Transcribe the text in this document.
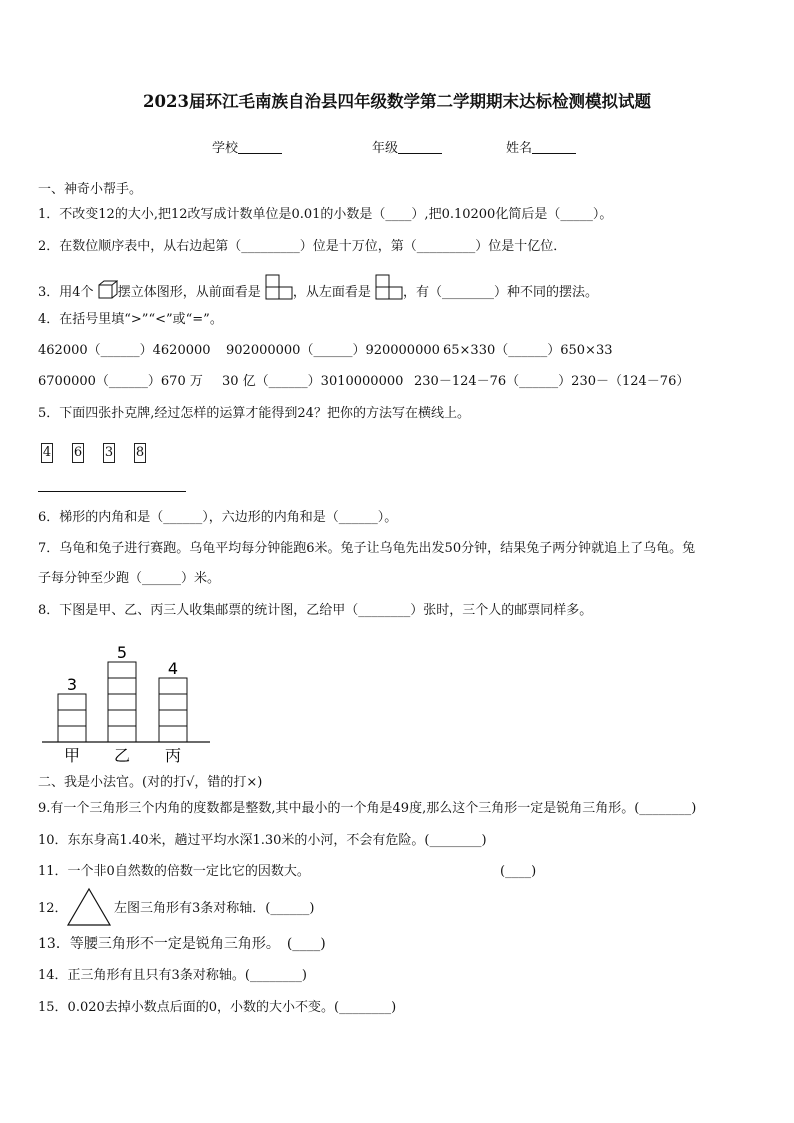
2023届环江毛南族自治县四年级数学第二学期期末达标检测模拟试题
学校	年级	姓名
一、神奇小帮手。
1．不改变12的大小,把12改写成计数单位是0.01的小数是（____）,把0.10200化简后是（_____）。
2．在数位顺序表中，从右边起第（_________）位是十万位，第（_________）位是十亿位．
3．用4个 摆立体图形，从前面看是 ，从左面看是 ，有（________）种不同的摆法。
4．在括号里填“>”“<”或“=”。
462000（______）4620000 902000000（______）920000000 65×330（______）650×33
6700000（______）670 万 30 亿（______）3010000000 230－124－76（______）230－（124－76）
5．下面四张扑克牌,经过怎样的运算才能得到24？把你的方法写在横线上。
4 6 3 8
6．梯形的内角和是（______），六边形的内角和是（______）。
7．乌龟和兔子进行赛跑。乌龟平均每分钟能跑6米。兔子让乌龟先出发50分钟，结果兔子两分钟就追上了乌龟。兔
子每分钟至少跑（______）米。
8．下图是甲、乙、丙三人收集邮票的统计图，乙给甲（________）张时，三个人的邮票同样多。
3
5
4
甲 乙 丙
二、我是小法官。(对的打√，错的打×)
9.有一个三角形三个内角的度数都是整数,其中最小的一个角是49度,那么这个三角形一定是锐角三角形。(________)
10．东东身高1.40米，趟过平均水深1.30米的小河，不会有危险。(________)
11．一个非0自然数的倍数一定比它的因数大。	(____)
12．	左图三角形有3条对称轴．(______)
13．等腰三角形不一定是锐角三角形。　(____)
14．正三角形有且只有3条对称轴。(________)
15．0.020去掉小数点后面的0，小数的大小不变。(________)
